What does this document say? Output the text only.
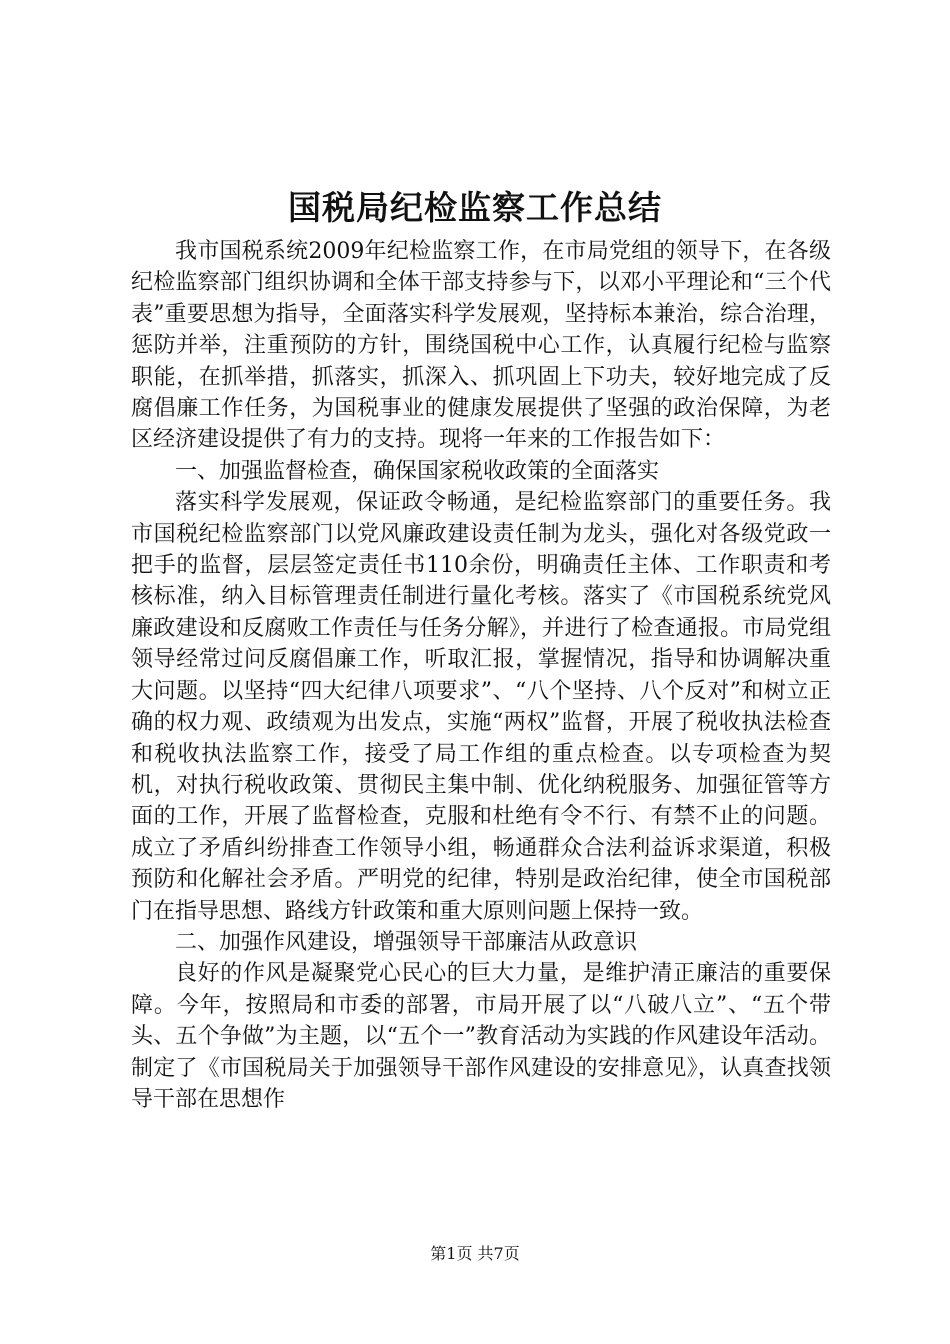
国税局纪检监察工作总结

我市国税系统2009年纪检监察工作，在市局党组的领导下，在各级纪检监察部门组织协调和全体干部支持参与下，以邓小平理论和“三个代表”重要思想为指导，全面落实科学发展观，坚持标本兼治，综合治理，惩防并举，注重预防的方针，围绕国税中心工作，认真履行纪检与监察职能，在抓举措，抓落实，抓深入、抓巩固上下功夫，较好地完成了反腐倡廉工作任务，为国税事业的健康发展提供了坚强的政治保障，为老区经济建设提供了有力的支持。现将一年来的工作报告如下：

一、加强监督检查，确保国家税收政策的全面落实

落实科学发展观，保证政令畅通，是纪检监察部门的重要任务。我市国税纪检监察部门以党风廉政建设责任制为龙头，强化对各级党政一把手的监督，层层签定责任书110余份，明确责任主体、工作职责和考核标准，纳入目标管理责任制进行量化考核。落实了《市国税系统党风廉政建设和反腐败工作责任与任务分解》，并进行了检查通报。市局党组领导经常过问反腐倡廉工作，听取汇报，掌握情况，指导和协调解决重大问题。以坚持“四大纪律八项要求”、“八个坚持、八个反对”和树立正确的权力观、政绩观为出发点，实施“两权”监督，开展了税收执法检查和税收执法监察工作，接受了局工作组的重点检查。以专项检查为契机，对执行税收政策、贯彻民主集中制、优化纳税服务、加强征管等方面的工作，开展了监督检查，克服和杜绝有令不行、有禁不止的问题。成立了矛盾纠纷排查工作领导小组，畅通群众合法利益诉求渠道，积极预防和化解社会矛盾。严明党的纪律，特别是政治纪律，使全市国税部门在指导思想、路线方针政策和重大原则问题上保持一致。

二、加强作风建设，增强领导干部廉洁从政意识

良好的作风是凝聚党心民心的巨大力量，是维护清正廉洁的重要保障。今年，按照局和市委的部署，市局开展了以“八破八立”、“五个带头、五个争做”为主题，以“五个一”教育活动为实践的作风建设年活动。制定了《市国税局关于加强领导干部作风建设的安排意见》，认真查找领导干部在思想作

第1页 共7页
